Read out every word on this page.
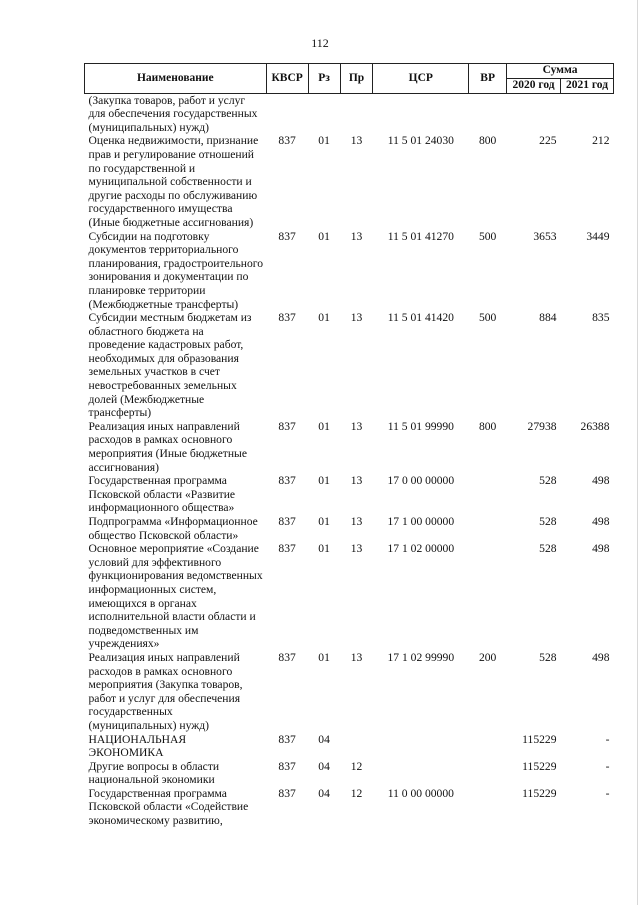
112
Наименование	КВСР	Рз	Пр	ЦСР	ВР	Сумма	
						2020 год	2021 год
(Закупка товаров, работ и услуг для обеспечения государственных (муниципальных) нужд)							
Оценка недвижимости, признание прав и регулирование отношений по государственной и муниципальной собственности и другие расходы по обслуживанию государственного имущества (Иные бюджетные ассигнования)	837	01	13	11 5 01 24030	800	225	212
Субсидии на подготовку документов территориального планирования, градостроительного зонирования и документации по планировке территории (Межбюджетные трансферты)	837	01	13	11 5 01 41270	500	3653	3449
Субсидии местным бюджетам из областного бюджета на проведение кадастровых работ, необходимых для образования земельных участков в счет невостребованных земельных долей (Межбюджетные трансферты)	837	01	13	11 5 01 41420	500	884	835
Реализация иных направлений расходов в рамках основного мероприятия (Иные бюджетные ассигнования)	837	01	13	11 5 01 99990	800	27938	26388
Государственная программа Псковской области «Развитие информационного общества»	837	01	13	17 0 00 00000		528	498
Подпрограмма «Информационное общество Псковской области»	837	01	13	17 1 00 00000		528	498
Основное мероприятие «Создание условий для эффективного функционирования ведомственных информационных систем, имеющихся в органах исполнительной власти области и подведомственных им учреждениях»	837	01	13	17 1 02 00000		528	498
Реализация иных направлений расходов в рамках основного мероприятия (Закупка товаров, работ и услуг для обеспечения государственных (муниципальных) нужд)	837	01	13	17 1 02 99990	200	528	498
НАЦИОНАЛЬНАЯ ЭКОНОМИКА	837	04				115229	-
Другие вопросы в области национальной экономики	837	04	12			115229	-
Государственная программа Псковской области «Содействие экономическому развитию,	837	04	12	11 0 00 00000		115229	-
